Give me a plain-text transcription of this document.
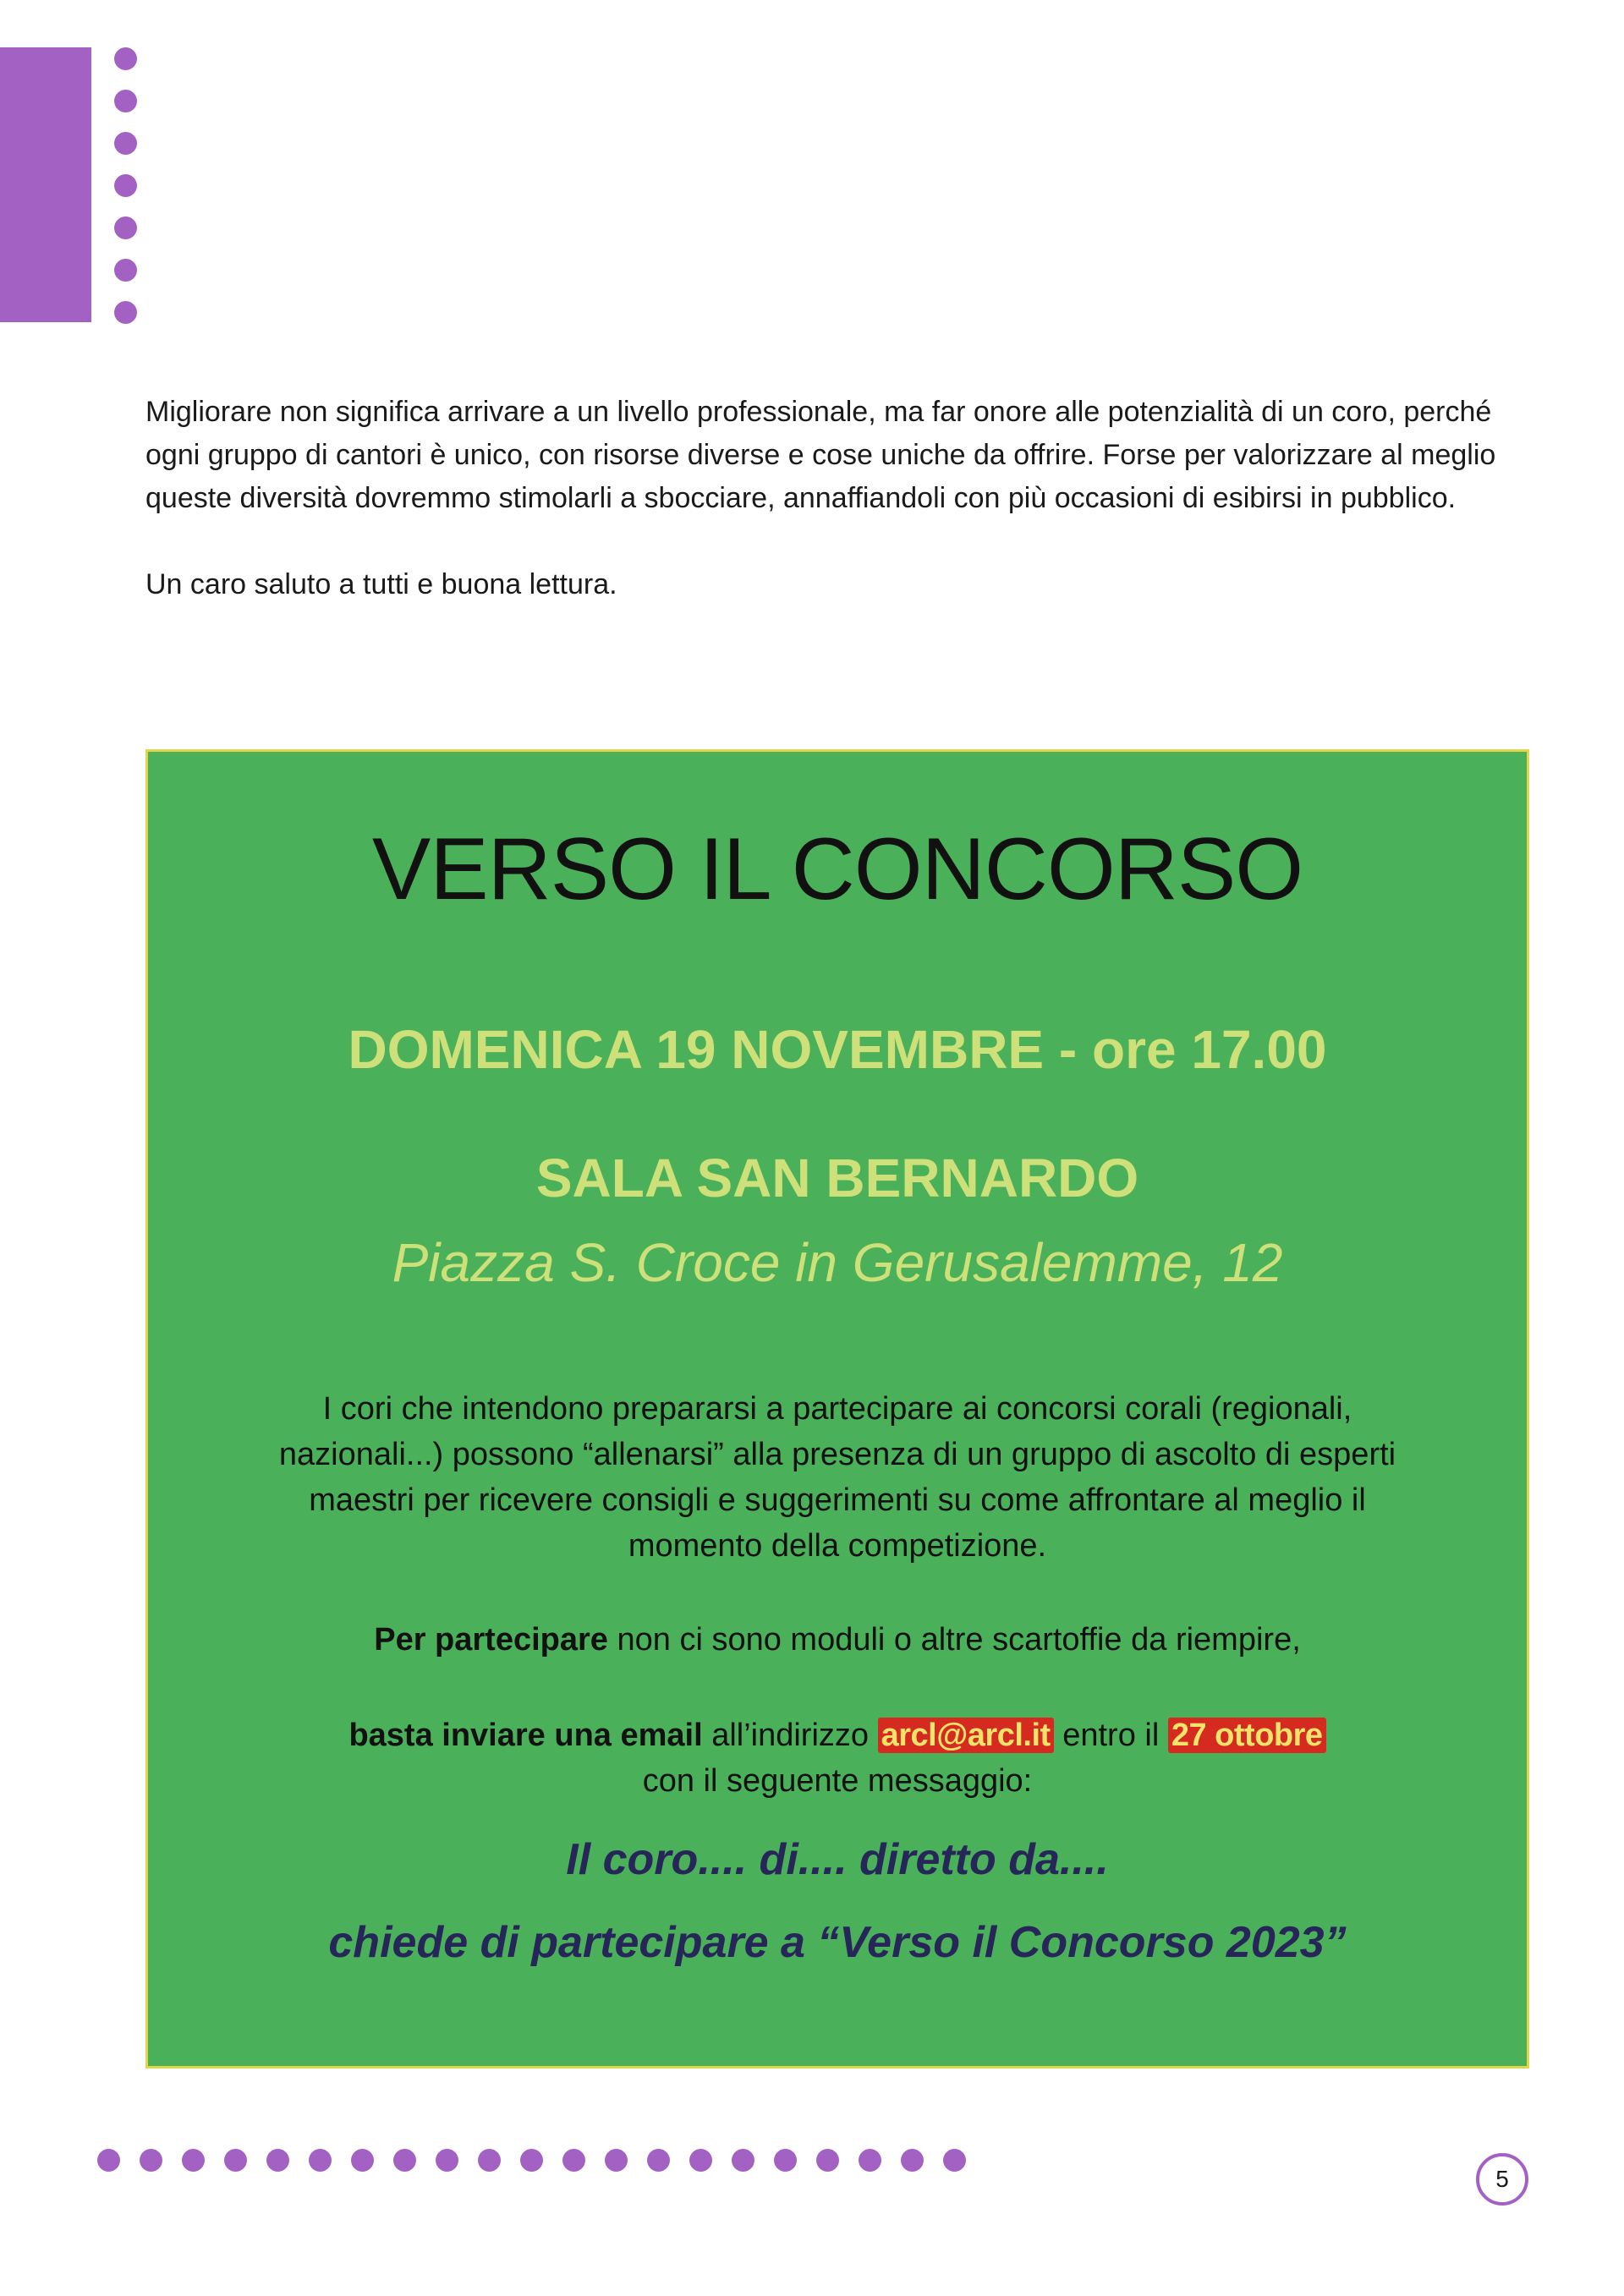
Migliorare non significa arrivare a un livello professionale, ma far onore alle potenzialità di un coro, perché ogni gruppo di cantori è unico, con risorse diverse e cose uniche da offrire. Forse per valorizzare al meglio queste diversità dovremmo stimolarli a sbocciare, annaffiandoli con più occasioni di esibirsi in pubblico.

Un caro saluto a tutti e buona lettura.

VERSO IL CONCORSO
DOMENICA 19 NOVEMBRE - ore 17.00
SALA SAN BERNARDO
Piazza S. Croce in Gerusalemme, 12
I cori che intendono prepararsi a partecipare ai concorsi corali (regionali, nazionali...) possono “allenarsi” alla presenza di un gruppo di ascolto di esperti maestri per ricevere consigli e suggerimenti su come affrontare al meglio il momento della competizione.
Per partecipare non ci sono moduli o altre scartoffie da riempire,
basta inviare una email all’indirizzo arcl@arcl.it entro il 27 ottobre
con il seguente messaggio:
Il coro.... di.... diretto da....
chiede di partecipare a “Verso il Concorso 2023”
5
